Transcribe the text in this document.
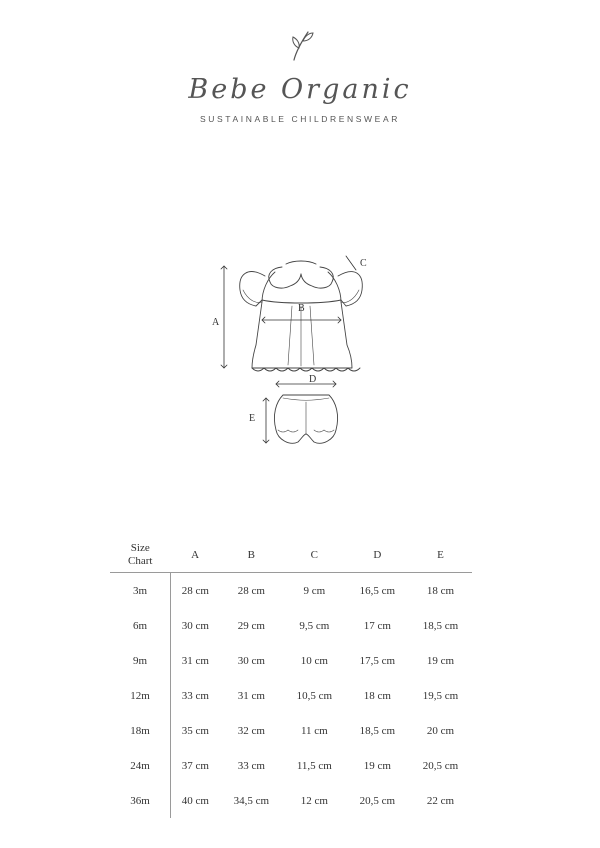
Bebe Organic
SUSTAINABLE CHILDRENSWEAR
A
B
C
D
E
Size
Chart	A	B	C	D	E
3m	28 cm	28 cm	9 cm	16,5 cm	18 cm
6m	30 cm	29 cm	9,5 cm	17 cm	18,5 cm
9m	31 cm	30 cm	10 cm	17,5 cm	19 cm
12m	33 cm	31 cm	10,5 cm	18 cm	19,5 cm
18m	35 cm	32 cm	11 cm	18,5 cm	20 cm
24m	37 cm	33 cm	11,5 cm	19 cm	20,5 cm
36m	40 cm	34,5 cm	12 cm	20,5 cm	22 cm
